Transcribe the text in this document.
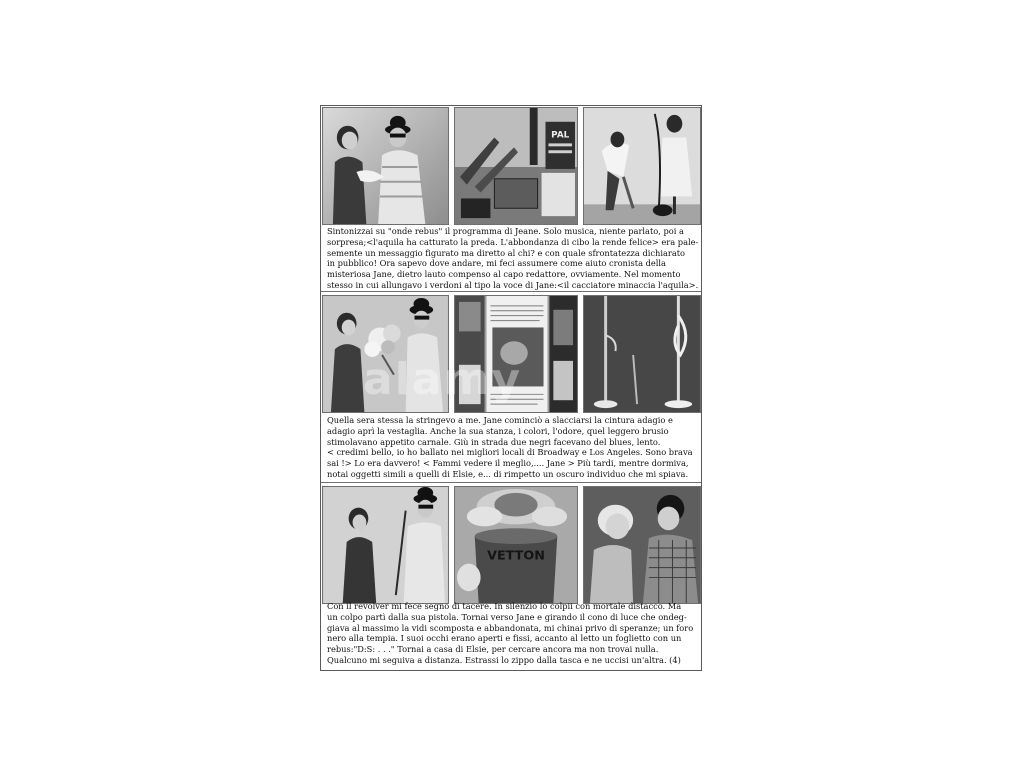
PAL

Sintonizzai su "onde rebus" il programma di Jeane. Solo musica, niente parlato, poi a

sorpresa;<l'aquila ha catturato la preda. L'abbondanza di cibo la rende felice> era pale-

semente un messaggio figurato ma diretto al chi? e con quale sfrontatezza dichiarato

in pubblico! Ora sapevo dove andare, mi feci assumere come aiuto cronista della

misteriosa Jane, dietro lauto compenso al capo redattore, ovviamente. Nel momento

stesso in cui allungavo i verdoni al tipo la voce di Jane:<il cacciatore minaccia l'aquila>.

Quella sera stessa la stringevo a me. Jane cominciò a slacciarsi la cintura adagio e

adagio aprì la vestaglia. Anche la sua stanza, i colori, l'odore, quel leggero brusio

stimolavano appetito carnale. Giù in strada due negri facevano del blues, lento.

< credimi bello, io ho ballato nei migliori locali di Broadway e Los Angeles. Sono brava

sai !> Lo era davvero! < Fammi vedere il meglio,.... Jane > Più tardi, mentre dormiva,

notai oggetti simili a quelli di Elsie, e... di rimpetto un oscuro individuo che mi spiava.

VETTON

Con il revolver mi fece segno di tacere. In silenzio lo colpii con mortale distacco. Ma

un colpo partì dalla sua pistola. Tornai verso Jane e girando il cono di luce che ondeg-

giava al massimo la vidi scomposta e abbandonata, mi chinai privo di speranze; un foro

nero alla tempia. I suoi occhi erano aperti e fissi, accanto al letto un foglietto con un

rebus:"D:S: . . ." Tornai a casa di Elsie, per cercare ancora ma non trovai nulla.

Qualcuno mi seguiva a distanza. Estrassi lo zippo dalla tasca e ne uccisi un'altra. (4)

alamy
